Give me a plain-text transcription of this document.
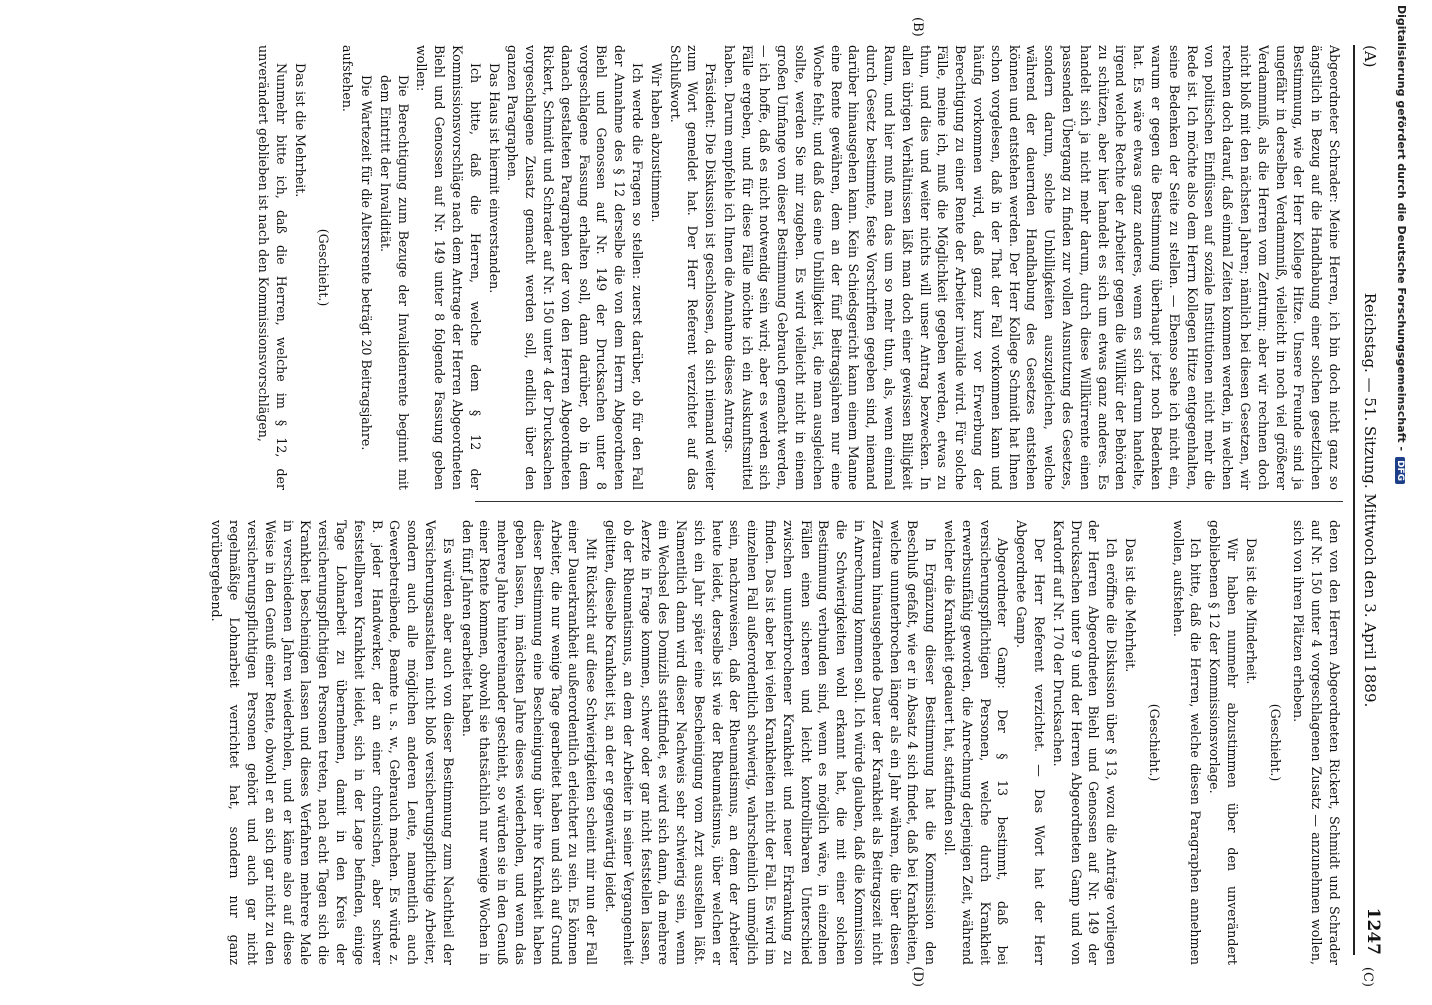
(A)
Reichstag. — 51. Sitzung. Mittwoch den 3. April 1889.
1247

Abgeordneter Schrader: Meine Herren, ich bin doch nicht ganz so ängstlich in Bezug auf die Handhabung einer solchen gesetzlichen Bestimmung, wie der Herr Kollege Hitze. Unsere Freunde sind ja ungefähr in derselben Verdammniß, vielleicht in noch viel größerer Verdammniß, als die Herren vom Zentrum; aber wir rechnen doch nicht bloß mit den nächsten Jahren; nämlich bei diesen Gesetzen, wir rechnen doch darauf, daß einmal Zeiten kommen werden, in welchen von politischen Einflüssen auf soziale Institutionen nicht mehr die Rede ist. Ich möchte also dem Herrn Kollegen Hitze entgegenhalten, seine Bedenken der Seite zu stellen. — Ebenso sehe ich nicht ein, warum er gegen die Bestimmung überhaupt jetzt noch Bedenken hat. Es wäre etwas ganz anderes, wenn es sich darum handelte, irgend welche Rechte der Arbeiter gegen die Willkür der Behörden zu schützen, aber hier handelt es sich um etwas ganz anderes. Es handelt sich ja nicht mehr darum, durch diese Willkürrente einen passenden Übergang zu finden zur vollen Ausnutzung des Gesetzes, sondern darum, solche Unbilligkeiten auszugleichen, welche während der dauernden Handhabung des Gesetzes entstehen können und entstehen werden. Der Herr Kollege Schmidt hat Ihnen schon vorgelesen, daß in der That der Fall vorkommen kann und häufig vorkommen wird, daß ganz kurz vor Erwerbung der Berechtigung zu einer Rente der Arbeiter invalide wird. Für solche Fälle, meine ich, muß die Möglichkeit gegeben werden, etwas zu thun, und dies und weiter nichts will unser Antrag bezwecken. In allen übrigen Verhältnissen läßt man doch einer gewissen Billigkeit Raum, und hier muß man das um so mehr thun, als, wenn einmal durch Gesetz bestimmte, feste Vorschriften gegeben sind, niemand darüber hinausgehen kann. Kein Schiedsgericht kann einem Manne eine Rente gewähren, dem an der fünf Beitragsjahren nur eine Woche fehlt; und daß das eine Unbilligkeit ist, die man ausgleichen sollte, werden Sie mir zugeben. Es wird vielleicht nicht in einem großen Umfange von dieser Bestimmung Gebrauch gemacht werden, — ich hoffe, daß es nicht notwendig sein wird; aber es werden sich Fälle ergeben, und für diese Fälle möchte ich ein Auskunftsmittel haben. Darum empfehle ich Ihnen die Annahme dieses Antrags.

Präsident: Die Diskussion ist geschlossen, da sich niemand weiter zum Wort gemeldet hat. Der Herr Referent verzichtet auf das Schlußwort.

Wir haben abzustimmen.

Ich werde die Fragen so stellen: zuerst darüber, ob für den Fall der Annahme des § 12 derselbe die von dem Herrn Abgeordneten Biehl und Genossen auf Nr. 149 der Drucksachen unter 8 vorgeschlagene Fassung erhalten soll, dann darüber, ob in dem danach gestalteten Paragraphen der von den Herren Abgeordneten Rickert, Schmidt und Schrader auf Nr. 150 unter 4 der Drucksachen vorgeschlagene Zusatz gemacht werden soll, endlich über den ganzen Paragraphen.

Das Haus ist hiermit einverstanden.

Ich bitte, daß die Herren, welche dem § 12 der Kommissionsvorschläge nach dem Antrage der Herren Abgeordneten Biehl und Genossen auf Nr. 149 unter 8 folgende Fassung geben wollen:

Die Berechtigung zum Bezuge der Invalidenrente beginnt mit dem Eintritt der Invalidität.

Die Wartezeit für die Altersrente beträgt 20 Beitragsjahre.

aufstehen.

(Geschieht.)

Das ist die Mehrheit.

Nunmehr bitte ich, daß die Herren, welche im § 12, der unverändert geblieben ist nach den Kommissionsvorschlägen,

den von den Herren Abgeordneten Rickert, Schmidt und Schrader auf Nr. 150 unter 4 vorgeschlagenen Zusatz — anzunehmen wollen, sich von ihren Plätzen erheben.

(Geschieht.)

Das ist die Minderheit.

Wir haben nunmehr abzustimmen über den unverändert gebliebenen § 12 der Kommissionsvorlage.

Ich bitte, daß die Herren, welche diesen Paragraphen annehmen wollen, aufstehen.

(Geschieht.)

Das ist die Mehrheit.

Ich eröffne die Diskussion über § 13, wozu die Anträge vorliegen der Herren Abgeordneten Biehl und Genossen auf Nr. 149 der Drucksachen unter 9 und der Herren Abgeordneten Gamp und von Kardorff auf Nr. 170 der Drucksachen.

Der Herr Referent verzichtet. — Das Wort hat der Herr Abgeordnete Gamp.

Abgeordneter Gamp: Der § 13 bestimmt, daß bei versicherungspflichtigen Personen, welche durch Krankheit erwerbsunfähig geworden, die Anrechnung derjenigen Zeit, während welcher die Krankheit gedauert hat, stattfinden soll.

In Ergänzung dieser Bestimmung hat die Kommission den Beschluß gefaßt, wie er in Absatz 4 sich findet, daß bei Krankheiten, welche ununterbrochen länger als ein Jahr währen, die über diesen Zeitraum hinausgehende Dauer der Krankheit als Beitragszeit nicht in Anrechnung kommen soll. Ich würde glauben, daß die Kommission die Schwierigkeiten wohl erkannt hat, die mit einer solchen Bestimmung verbunden sind, wenn es möglich wäre, in einzelnen Fällen einen sicheren und leicht kontrollirbaren Unterschied zwischen ununterbrochener Krankheit und neuer Erkrankung zu finden. Das ist aber bei vielen Krankheiten nicht der Fall. Es wird im einzelnen Fall außerordentlich schwierig, wahrscheinlich unmöglich sein, nachzuweisen, daß der Rheumatismus, an dem der Arbeiter heute leidet, derselbe ist wie der Rheumatismus, über welchen er sich ein Jahr später eine Bescheinigung vom Arzt ausstellen läßt. Namentlich dann wird dieser Nachweis sehr schwierig sein, wenn ein Wechsel des Domizils stattfindet, es wird sich dann, da mehrere Aerzte in Frage kommen, schwer oder gar nicht feststellen lassen, ob der Rheumatismus, an dem der Arbeiter in seiner Vergangenheit gelitten, dieselbe Krankheit ist, an der er gegenwärtig leidet.

Mit Rücksicht auf diese Schwierigkeiten scheint mir nun der Fall einer Dauerkrankheit außerordentlich erleichtert zu sein. Es können Arbeiter, die nur wenige Tage gearbeitet haben und sich auf Grund dieser Bestimmung eine Bescheinigung über ihre Krankheit haben geben lassen, im nächsten Jahre dieses wiederholen, und wenn das mehrere Jahre hintereinander geschieht, so würden sie in den Genuß einer Rente kommen, obwohl sie thatsächlich nur wenige Wochen in den fünf Jahren gearbeitet haben.

Es würden aber auch von dieser Bestimmung zum Nachtheil der Versicherungsanstalten nicht bloß versicherungspflichtige Arbeiter, sondern auch alle möglichen anderen Leute, namentlich auch Gewerbetreibende, Beamte u. s. w., Gebrauch machen. Es würde z. B. jeder Handwerker, der an einer chronischen, aber schwer feststellbaren Krankheit leidet, sich in der Lage befinden, einige Tage Lohnarbeit zu übernehmen, damit in den Kreis der versicherungspflichtigen Personen treten, nach acht Tagen sich die Krankheit bescheinigen lassen und dieses Verfahren mehrere Male in verschiedenen Jahren wiederholen, und er käme also auf diese Weise in den Genuß einer Rente, obwohl er an sich gar nicht zu den versicherungspflichtigen Personen gehört und auch gar nicht regelmäßige Lohnarbeit verrichtet hat, sondern nur ganz vorübergehend.

(B)
(C)
(D)
Digitalisierung gefördert durch die Deutsche Forschungsgemeinschaft -DFG
